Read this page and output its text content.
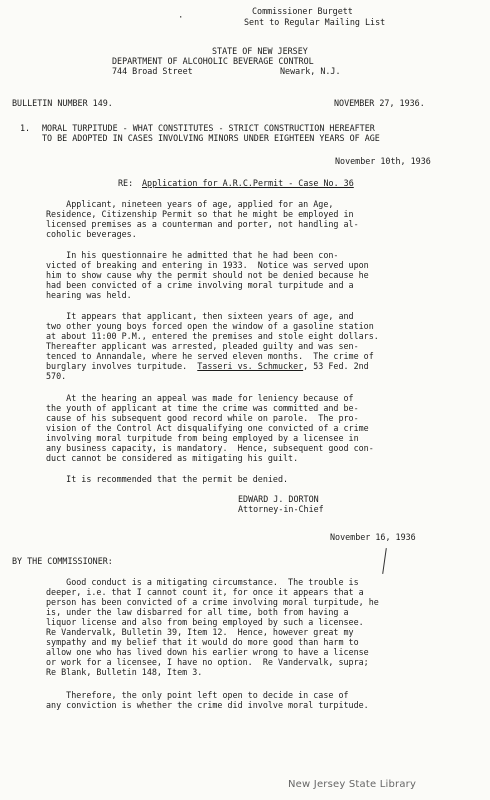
·
Commissioner Burgett
Sent to Regular Mailing List
STATE OF NEW JERSEY
DEPARTMENT OF ALCOHOLIC BEVERAGE CONTROL
744 Broad Street	Newark, N.J.
BULLETIN NUMBER 149.	NOVEMBER 27, 1936.
1. MORAL TURPITUDE - WHAT CONSTITUTES - STRICT CONSTRUCTION HEREAFTER
TO BE ADOPTED IN CASES INVOLVING MINORS UNDER EIGHTEEN YEARS OF AGE
November 10th, 1936
RE: Application for A.R.C.Permit - Case No. 36
Applicant, nineteen years of age, applied for an Age,
Residence, Citizenship Permit so that he might be employed in
licensed premises as a counterman and porter, not handling al-
coholic beverages.
In his questionnaire he admitted that he had been con-
victed of breaking and entering in 1933.  Notice was served upon
him to show cause why the permit should not be denied because he
had been convicted of a crime involving moral turpitude and a
hearing was held.
It appears that applicant, then sixteen years of age, and
two other young boys forced open the window of a gasoline station
at about 11:00 P.M., entered the premises and stole eight dollars.
Thereafter applicant was arrested, pleaded guilty and was sen-
tenced to Annandale, where he served eleven months.  The crime of
burglary involves turpitude.  Tasseri vs. Schmucker, 53 Fed. 2nd
570.
At the hearing an appeal was made for leniency because of
the youth of applicant at time the crime was committed and be-
cause of his subsequent good record while on parole.  The pro-
vision of the Control Act disqualifying one convicted of a crime
involving moral turpitude from being employed by a licensee in
any business capacity, is mandatory.  Hence, subsequent good con-
duct cannot be considered as mitigating his guilt.
It is recommended that the permit be denied.
EDWARD J. DORTON
Attorney-in-Chief
November 16, 1936
BY THE COMMISSIONER:
Good conduct is a mitigating circumstance.  The trouble is
deeper, i.e. that I cannot count it, for once it appears that a
person has been convicted of a crime involving moral turpitude, he
is, under the law disbarred for all time, both from having a
liquor license and also from being employed by such a licensee.
Re Vandervalk, Bulletin 39, Item 12.  Hence, however great my
sympathy and my belief that it would do more good than harm to
allow one who has lived down his earlier wrong to have a license
or work for a licensee, I have no option.  Re Vandervalk, supra;
Re Blank, Bulletin 148, Item 3.
Therefore, the only point left open to decide in case of
any conviction is whether the crime did involve moral turpitude.
New Jersey State Library
